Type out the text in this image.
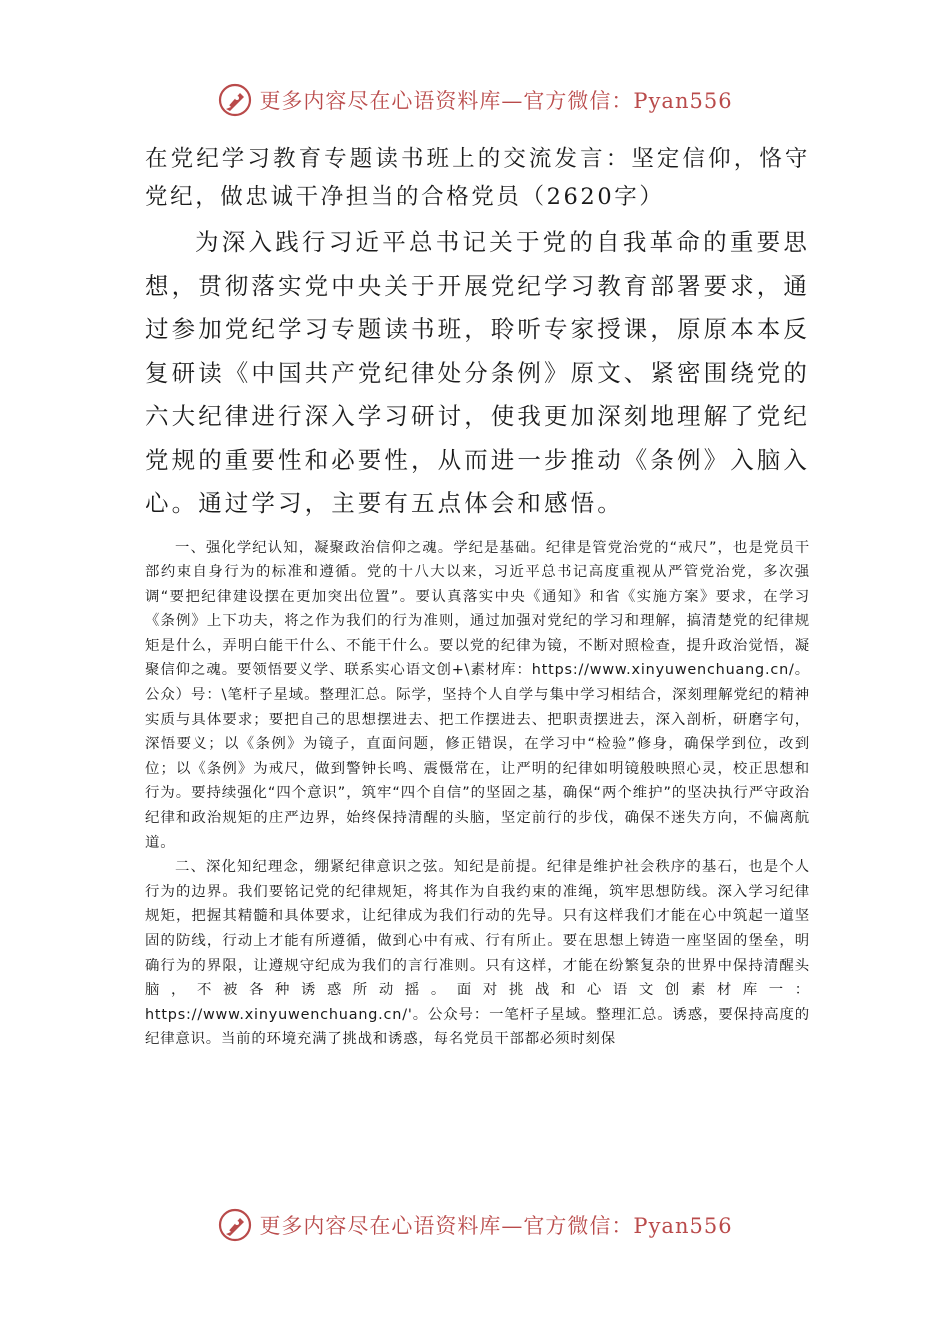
更多内容尽在心语资料库—官方微信：Pyan556
在党纪学习教育专题读书班上的交流发言：坚定信仰，恪守党纪，做忠诚干净担当的合格党员（2620字）

为深入践行习近平总书记关于党的自我革命的重要思想，贯彻落实党中央关于开展党纪学习教育部署要求，通过参加党纪学习专题读书班，聆听专家授课，原原本本反复研读《中国共产党纪律处分条例》原文、紧密围绕党的六大纪律进行深入学习研讨，使我更加深刻地理解了党纪党规的重要性和必要性，从而进一步推动《条例》入脑入心。通过学习，主要有五点体会和感悟。

一、强化学纪认知，凝聚政治信仰之魂。学纪是基础。纪律是管党治党的“戒尺”，也是党员干部约束自身行为的标准和遵循。党的十八大以来，习近平总书记高度重视从严管党治党，多次强调“要把纪律建设摆在更加突出位置”。要认真落实中央《通知》和省《实施方案》要求，在学习《条例》上下功夫，将之作为我们的行为准则，通过加强对党纪的学习和理解，搞清楚党的纪律规矩是什么，弄明白能干什么、不能干什么。要以党的纪律为镜，不断对照检查，提升政治觉悟，凝聚信仰之魂。要领悟要义学、联系实心语文创+\素材库：https://www.xinyuwenchuang.cn/。公众）号：\笔杆子星域。整理汇总。际学，坚持个人自学与集中学习相结合，深刻理解党纪的精神实质与具体要求；要把自己的思想摆进去、把工作摆进去、把职责摆进去，深入剖析，研磨字句，深悟要义；以《条例》为镜子，直面问题，修正错误，在学习中“检验”修身，确保学到位，改到位；以《条例》为戒尺，做到警钟长鸣、震慑常在，让严明的纪律如明镜般映照心灵，校正思想和行为。要持续强化“四个意识”，筑牢“四个自信”的坚固之基，确保“两个维护”的坚决执行严守政治纪律和政治规矩的庄严边界，始终保持清醒的头脑，坚定前行的步伐，确保不迷失方向，不偏离航道。

二、深化知纪理念，绷紧纪律意识之弦。知纪是前提。纪律是维护社会秩序的基石，也是个人行为的边界。我们要铭记党的纪律规矩，将其作为自我约束的准绳，筑牢思想防线。深入学习纪律规矩，把握其精髓和具体要求，让纪律成为我们行动的先导。只有这样我们才能在心中筑起一道坚固的防线，行动上才能有所遵循，做到心中有戒、行有所止。要在思想上铸造一座坚固的堡垒，明确行为的界限，让遵规守纪成为我们的言行准则。只有这样，才能在纷繁复杂的世界中保持清醒头脑，不被各种诱惑所动摇。面对挑战和心语文创素材库一：https://www.xinyuwenchuang.cn/'。公众号：一笔杆子星域。整理汇总。诱惑，要保持高度的纪律意识。当前的环境充满了挑战和诱惑，每名党员干部都必须时刻保

更多内容尽在心语资料库—官方微信：Pyan556
